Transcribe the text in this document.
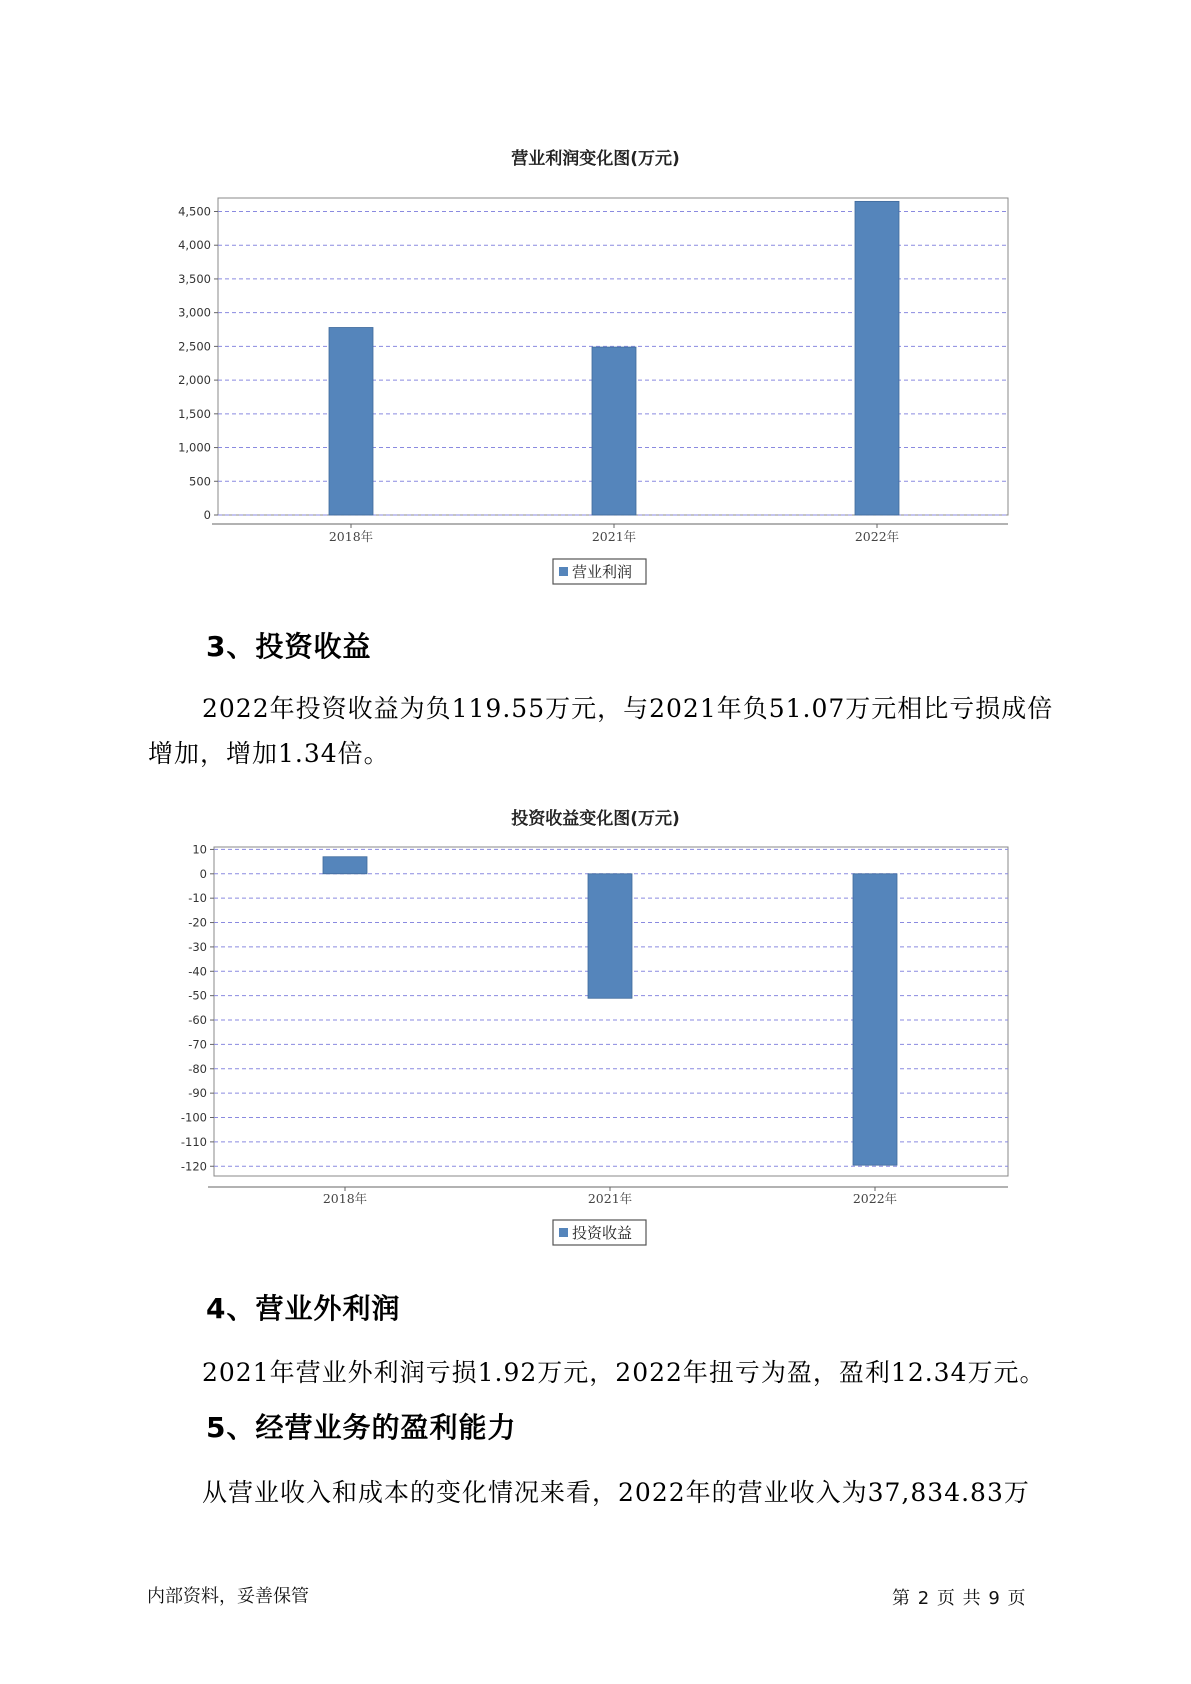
营业利润变化图(万元)
0
500
1,000
1,500
2,000
2,500
3,000
3,500
4,000
4,500
2018年	2021年	2022年
营业利润
3、投资收益
2022年投资收益为负119.55万元，与2021年负51.07万元相比亏损成倍
增加，增加1.34倍。
投资收益变化图(万元)
10
0
-10
-20
-30
-40
-50
-60
-70
-80
-90
-100
-110
-120
2018年	2021年	2022年
投资收益
4、营业外利润
2021年营业外利润亏损1.92万元，2022年扭亏为盈，盈利12.34万元。
5、经营业务的盈利能力
从营业收入和成本的变化情况来看，2022年的营业收入为37,834.83万
内部资料，妥善保管	第 2 页 共 9 页
